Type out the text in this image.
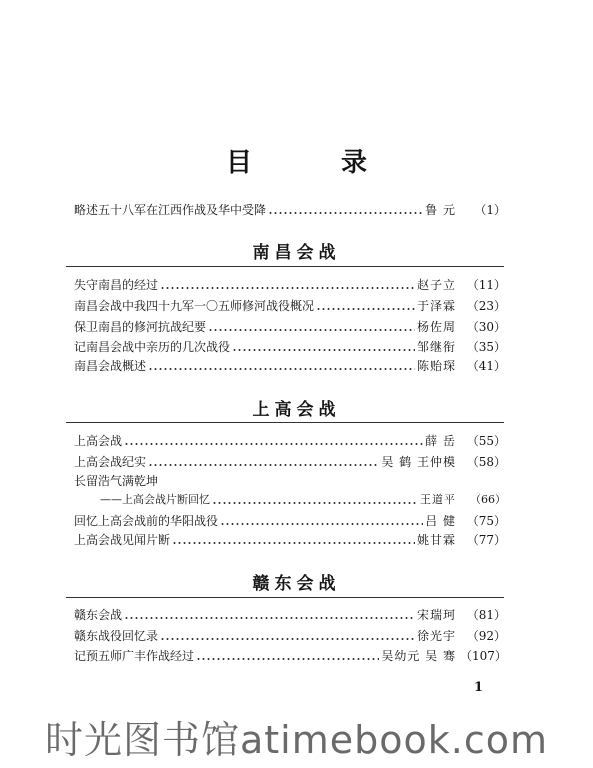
目 录
略述五十八军在江西作战及华中受降	鲁 元	（1）
南昌会战
失守南昌的经过	赵子立 （11）
南昌会战中我四十九军一〇五师修河战役概况	于泽霖 （23）
保卫南昌的修河抗战纪要	杨佐周 （30）
记南昌会战中亲历的几次战役	邹继衔 （35）
南昌会战概述	陈贻琛 （41）
上高会战
上高会战	薛 岳 （55）
上高会战纪实	吴 鹤 王仲模 （58）
长留浩气满乾坤
——上高会战片断回忆	王道平	（66）
回忆上高会战前的华阳战役	吕 健 （75）
上高会战见闻片断	姚甘霖 （77）
赣东会战
赣东会战	宋瑞珂 （81）
赣东战役回忆录	徐光宇 （92）
记预五师广丰作战经过	吴幼元 吴 骞 （107）
1
时光图书馆atimebook.com
